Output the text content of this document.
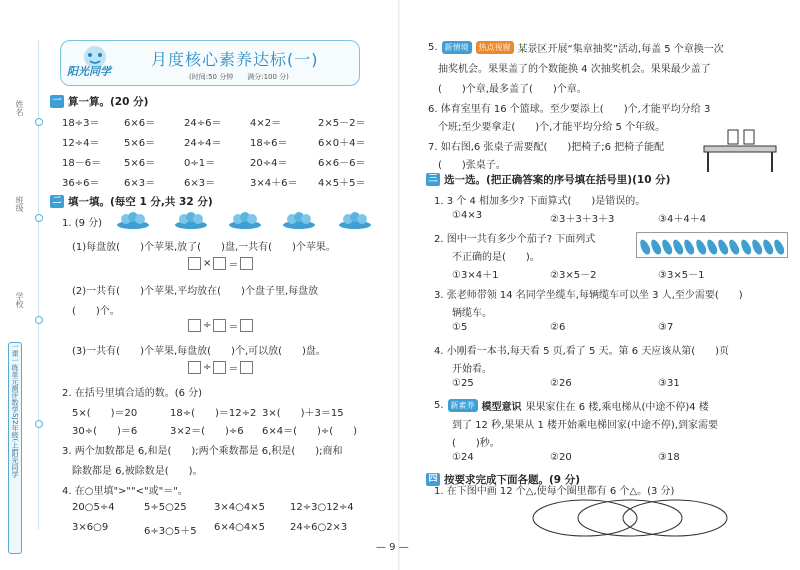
姓名
班级
学校
一课一练
单元测评
数学
SJ
2年级(上)
阳光同学
阳光同学
月度核心素养达标(一)
(时间:50 分钟　　满分:100 分)
一 算一算。(20 分)
18÷3＝ 6×6＝	24÷6＝	4×2＝	2×5－2＝
12÷4＝ 5×6＝	24÷4＝	18÷6＝	6×0＋4＝
18－6＝ 5×6＝	0÷1＝	20÷4＝	6×6－6＝
36÷6＝ 6×3＝	6×3＝	3×4＋6＝ 4×5＋5＝
二 填一填。(每空 1 分,共 32 分)
1. (9 分)
(1)每盘放(　　)个苹果,放了(　　)盘,一共有(　　)个苹果。
× ＝
(2)一共有(　　)个苹果,平均放在(　　)个盘子里,每盘放
(　　)个。
÷ ＝
(3)一共有(　　)个苹果,每盘放(　　)个,可以放(　　)盘。
÷ ＝
2. 在括号里填合适的数。(6 分)
5×(　　)＝20	18÷(　　)＝12÷2 3×(　　)＋3＝15
30÷(　　)＝6	3×2＝(　　)÷6 6×4＝(　　)÷(　　)
3. 两个加数都是 6,和是(　　);两个乘数都是 6,积是(　　);商和
除数都是 6,被除数是(　　)。
4. 在○里填">""<"或"＝"。
20○5÷4	5÷5○25	3×4○4×5	12÷3○12÷4
3×6○9	6÷3○5＋5 6×4○4×5	24÷6○2×3
5. 新情境	热点视窗 某景区开展“集章抽奖”活动,每盖 5 个章换一次
抽奖机会。果果盖了的个数能换 4 次抽奖机会。果果最少盖了
(　　)个章,最多盖了(　　)个章。
6. 体育室里有 16 个篮球。至少要添上(　　)个,才能平均分给 3
个班;至少要拿走(　　)个,才能平均分给 5 个年级。
7. 如右图,6 张桌子需要配(　　)把椅子;6 把椅子能配
(　　)张桌子。
三 选一选。(把正确答案的序号填在括号里)(10 分)
1. 3 个 4 相加多少? 下面算式(　　)是错误的。
①4×3	②3＋3＋3＋3	③4＋4＋4
2. 图中一共有多少个茄子? 下面列式
不正确的是(　　)。
①3×4＋1	②3×5－2	③3×5－1
3. 张老师带领 14 名同学坐缆车,每辆缆车可以坐 3 人,至少需要(　　)
辆缆车。
①5	②6	③7
4. 小刚看一本书,每天看 5 页,看了 5 天。第 6 天应该从第(　　)页
开始看。
①25	②26	③31
5. 新素养 模型意识 果果家住在 6 楼,乘电梯从(中途不停)4 楼
到了 12 秒,果果从 1 楼开始乘电梯回家(中途不停),到家需要
(　　)秒。
①24	②20	③18
四 按要求完成下面各题。(9 分)
1. 在下图中画 12 个△,使每个圈里都有 6 个△。(3 分)
— 9 —
